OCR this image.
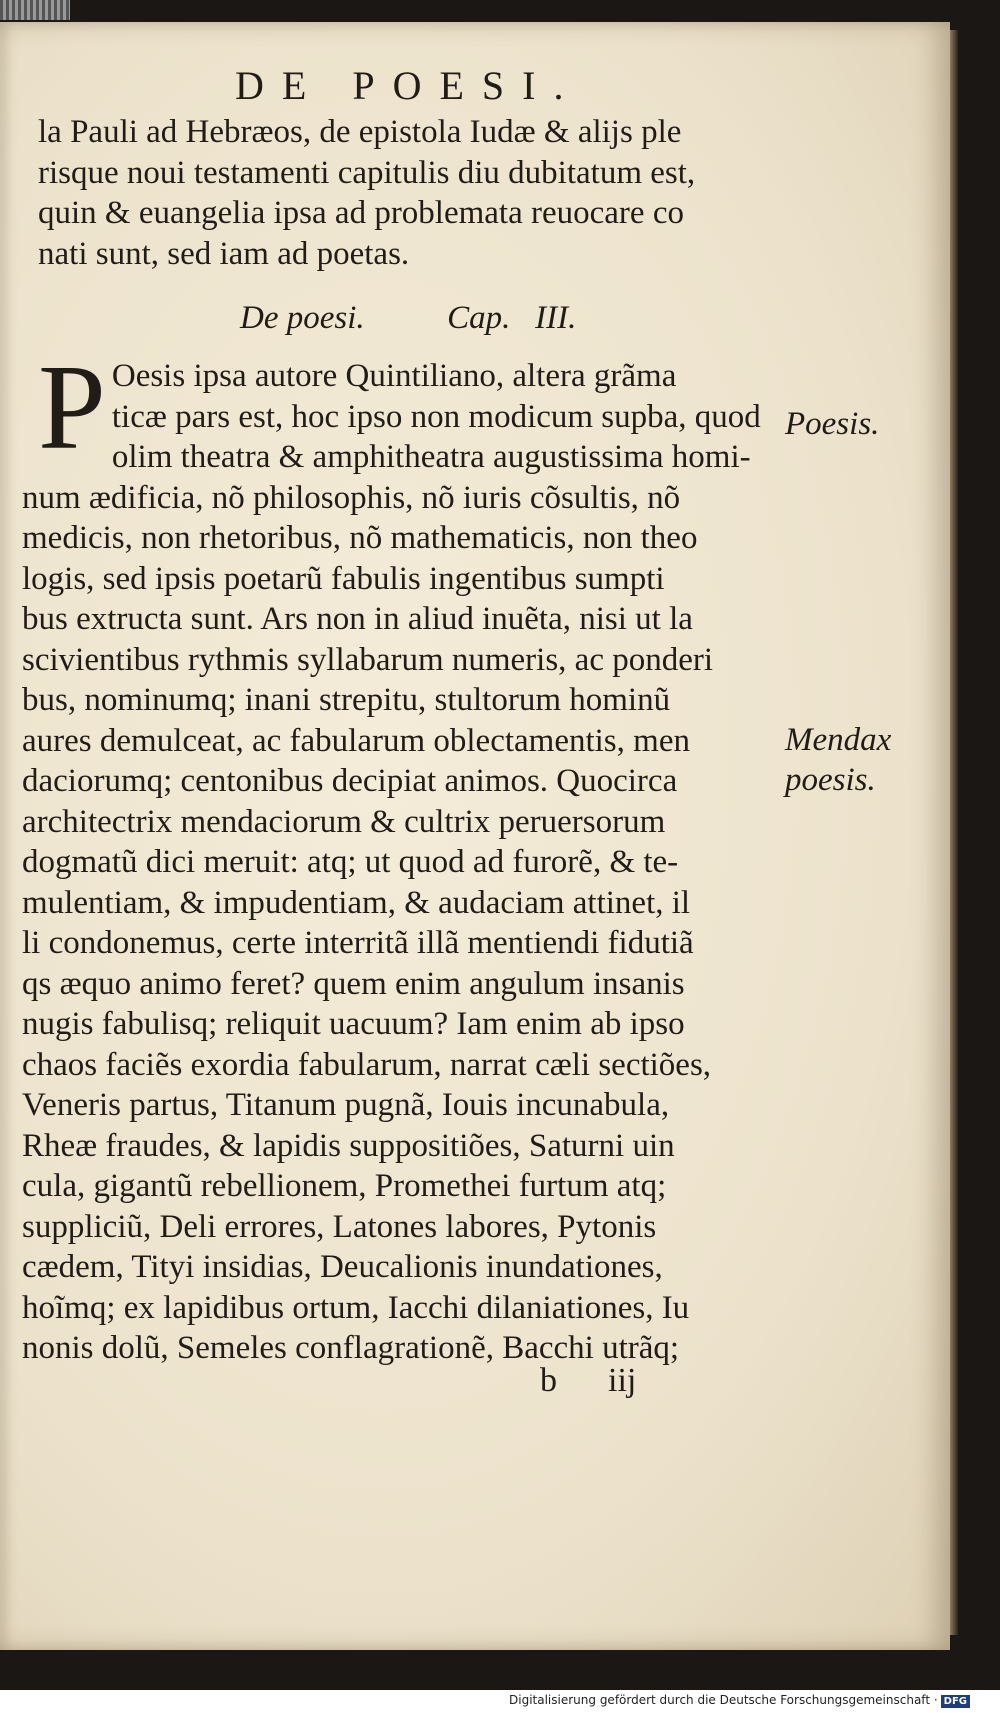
DE POESI.
la Pauli ad Hebræos, de epistola Iudæ & alijs ple
risque noui testamenti capitulis diu dubitatum est,
quin & euangelia ipsa ad problemata reuocare co
nati sunt, sed iam ad poetas.
De poesi.	Cap. III.
P Oesis ipsa autore Quintiliano, altera grãma
ticæ pars est, hoc ipso non modicum supba, quod
olim theatra & amphitheatra augustissima homi-
num ædificia, nõ philosophis, nõ iuris cõsultis, nõ
medicis, non rhetoribus, nõ mathematicis, non theo
logis, sed ipsis poetarũ fabulis ingentibus sumpti
bus extructa sunt. Ars non in aliud inuẽta, nisi ut la
scivientibus rythmis syllabarum numeris, ac ponderi
bus, nominumq; inani strepitu, stultorum hominũ
aures demulceat, ac fabularum oblectamentis, men
daciorumq; centonibus decipiat animos. Quocirca
architectrix mendaciorum & cultrix peruersorum
dogmatũ dici meruit: atq; ut quod ad furorẽ, & te-
mulentiam, & impudentiam, & audaciam attinet, il
li condonemus, certe interritã illã mentiendi fidutiã
qs æquo animo feret? quem enim angulum insanis
nugis fabulisq; reliquit uacuum? Iam enim ab ipso
chaos faciẽs exordia fabularum, narrat cæli sectiões,
Veneris partus, Titanum pugnã, Iouis incunabula,
Rheæ fraudes, & lapidis suppositiões, Saturni uin
cula, gigantũ rebellionem, Promethei furtum atq;
suppliciũ, Deli errores, Latones labores, Pytonis
cædem, Tityi insidias, Deucalionis inundationes,
hoĩmq; ex lapidibus ortum, Iacchi dilaniationes, Iu
nonis dolũ, Semeles conflagrationẽ, Bacchi utrãq;
Poesis.
Mendax
poesis.
b iij
Digitalisierung gefördert durch die Deutsche Forschungsgemeinschaft · DFG
